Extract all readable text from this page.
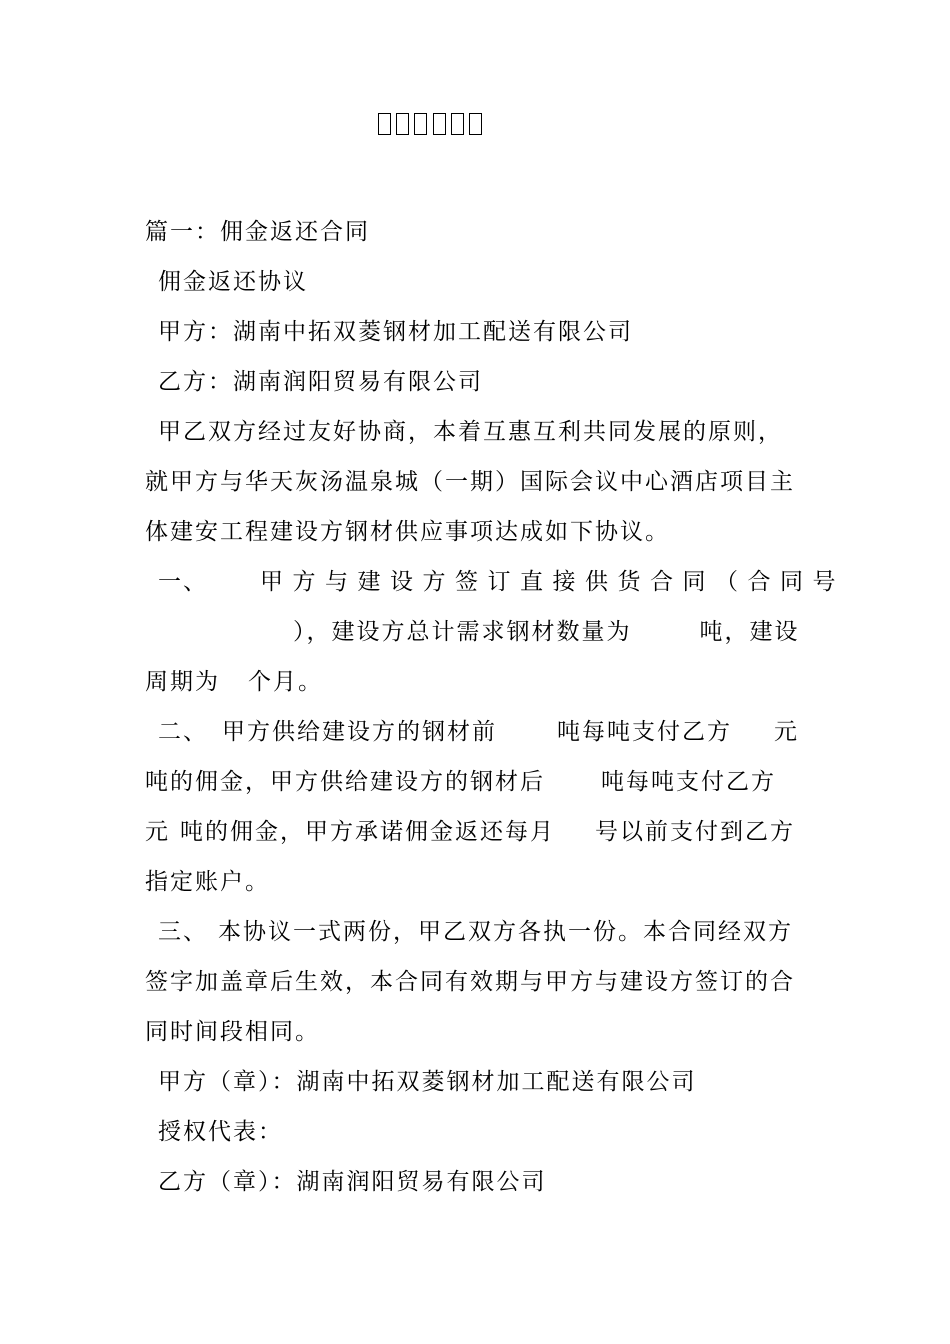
篇一：佣金返还合同
佣金返还协议
甲方：湖南中拓双菱钢材加工配送有限公司
乙方：湖南润阳贸易有限公司
甲乙双方经过友好协商，本着互惠互利共同发展的原则，
就甲方与华天灰汤温泉城（一期）国际会议中心酒店项目主
体建安工程建设方钢材供应事项达成如下协议。
一、 甲方与建设方签订直接供货合同（合同号
），建设方总计需求钢材数量为	吨，建设
周期为 个月。
二、 甲方供给建设方的钢材前	吨每吨支付乙方 元
吨的佣金，甲方供给建设方的钢材后 吨每吨支付乙方
元 吨的佣金，甲方承诺佣金返还每月 号以前支付到乙方
指定账户。
三、 本协议一式两份，甲乙双方各执一份。本合同经双方
签字加盖章后生效，本合同有效期与甲方与建设方签订的合
同时间段相同。
甲方（章）：湖南中拓双菱钢材加工配送有限公司
授权代表：
乙方（章）：湖南润阳贸易有限公司
